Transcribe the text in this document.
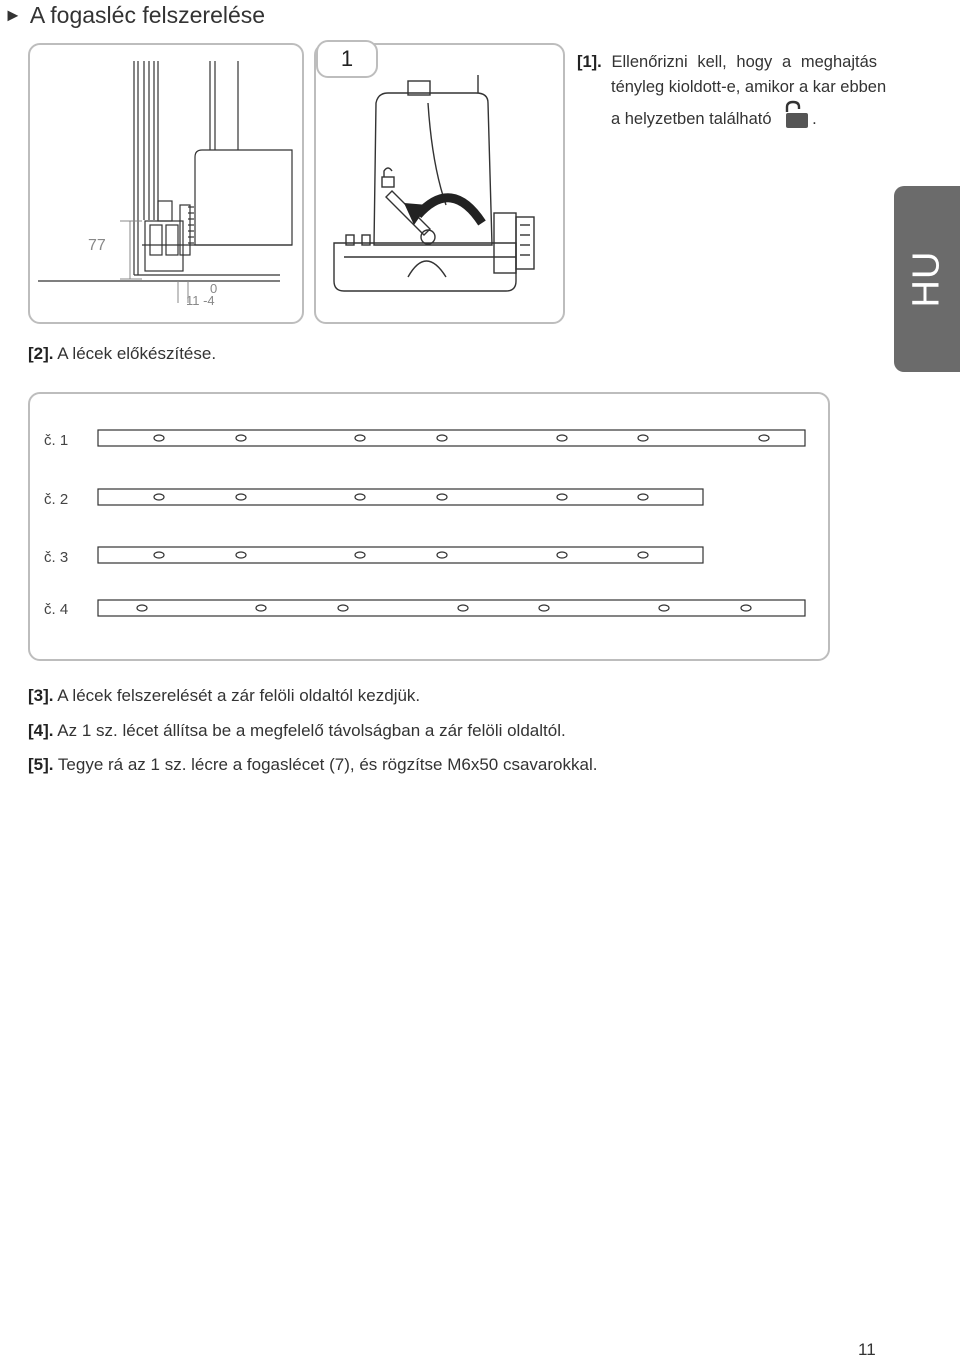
► A fogasléc felszerelése
77
0
11 -4
1	[1]. Ellenőrizni kell, hogy a meghajtás
tényleg kioldott-e, amikor a kar ebben
a helyzetben található .
HU
[2]. A lécek előkészítése.
č. 1
č. 2
č. 3
č. 4
[3]. A lécek felszerelését a zár felöli oldaltól kezdjük.
[4]. Az 1 sz. lécet állítsa be a megfelelő távolságban a zár felöli oldaltól.
[5]. Tegye rá az 1 sz. lécre a fogaslécet (7), és rögzítse M6x50 csavarokkal.
11
